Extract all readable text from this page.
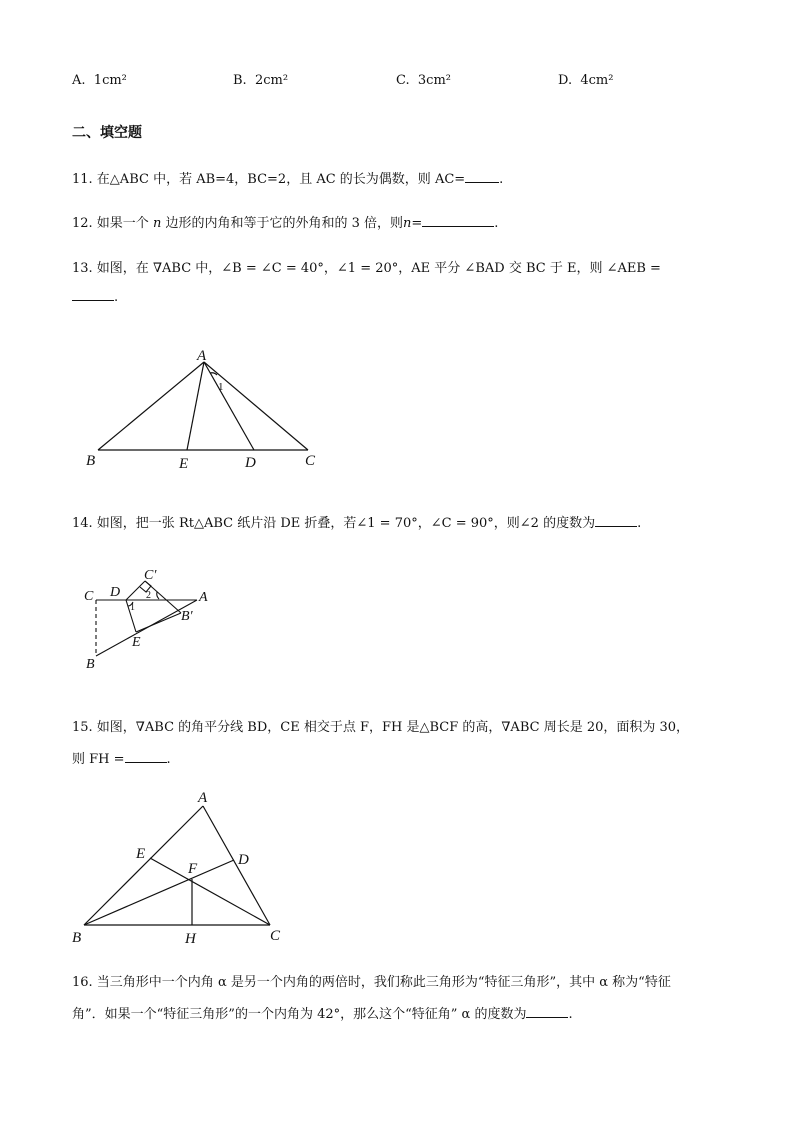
A. 1cm²	B. 2cm²	C. 3cm²	D. 4cm²
二、填空题
11. 在△ABC 中，若 AB=4，BC=2，且 AC 的长为偶数，则 AC=	.
12. 如果一个 n 边形的内角和等于它的外角和的 3 倍，则n=	.
13. 如图，在 ∇ABC 中，∠B = ∠C = 40°，∠1 = 20°，AE 平分 ∠BAD 交 BC 于 E，则 ∠AEB =
.
A
B	E	D	C
1
C D
C′
2	A
1
B′
E
B
A
E	D
F
B	H	C
14. 如图，把一张 Rt△ABC 纸片沿 DE 折叠，若∠1 = 70°，∠C = 90°，则∠2 的度数为	.
15. 如图，∇ABC 的角平分线 BD，CE 相交于点 F，FH 是△BCF 的高，∇ABC 周长是 20，面积为 30，
则 FH =	.
16. 当三角形中一个内角 α 是另一个内角的两倍时，我们称此三角形为“特征三角形”，其中 α 称为“特征
角”．如果一个“特征三角形”的一个内角为 42°，那么这个“特征角” α 的度数为	.
